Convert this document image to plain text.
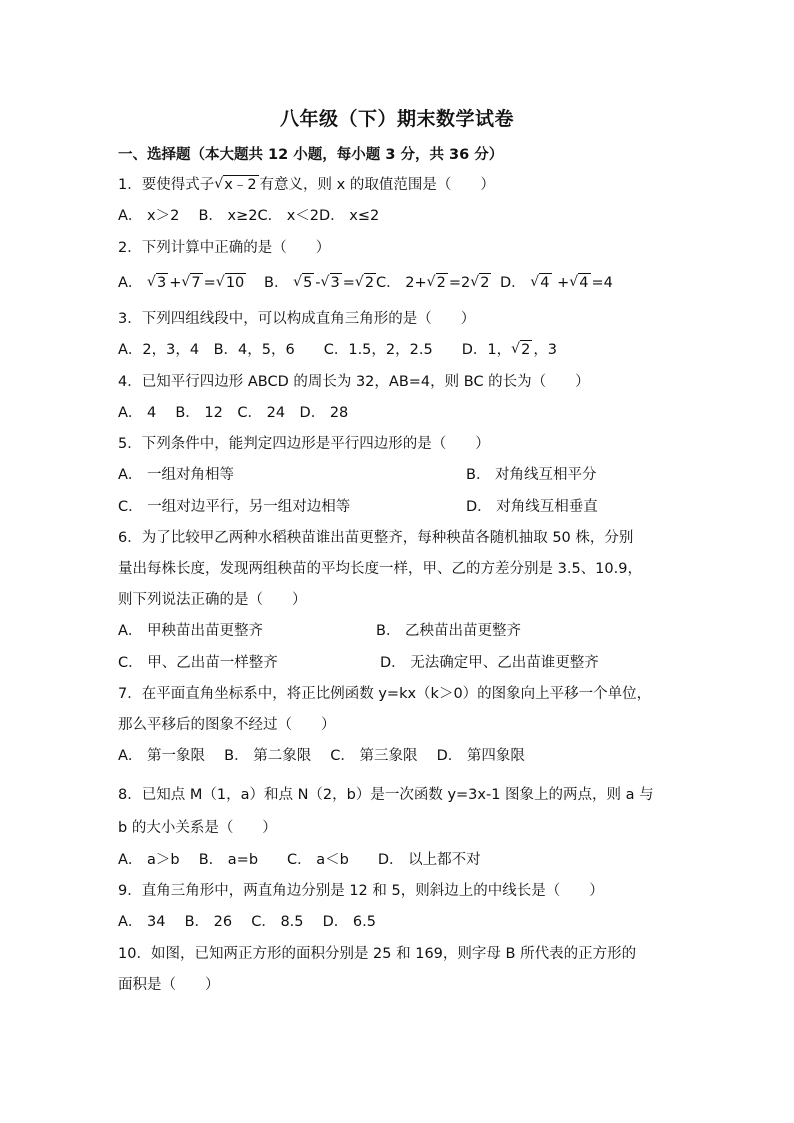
八年级（下）期末数学试卷
一、选择题（本大题共 12 小题，每小题 3 分，共 36 分）
1．要使得式子 √ x﹣2 有意义，则 x 的取值范围是（　　）
A． x＞2　 B． x≥2C． x＜2D． x≤2
2．下列计算中正确的是（　　）
A． √ 3 + √ 7 = √ 10 B． √ 5 - √ 3 = √ 2 C． 2+ √ 2 =2 √ 2 D． √ 4 + √ 4 =4
3．下列四组线段中，可以构成直角三角形的是（　　）
A．2，3，4　B．4，5，6　　C．1.5，2，2.5　　 D．1， √ 2 ，3
4．已知平行四边形 ABCD 的周长为 32，AB=4，则 BC 的长为（　　）
A． 4　 B． 12　C． 24　D． 28
5．下列条件中，能判定四边形是平行四边形的是（　　）
A． 一组对角相等	B． 对角线互相平分
C． 一组对边平行，另一组对边相等	D． 对角线互相垂直
6．为了比较甲乙两种水稻秧苗谁出苗更整齐，每种秧苗各随机抽取 50 株，分别
量出每株长度，发现两组秧苗的平均长度一样，甲、乙的方差分别是 3.5、10.9，
则下列说法正确的是（　　）
A． 甲秧苗出苗更整齐	B． 乙秧苗出苗更整齐
C． 甲、乙出苗一样整齐	D． 无法确定甲、乙出苗谁更整齐
7．在平面直角坐标系中，将正比例函数 y=kx（k＞0）的图象向上平移一个单位，
那么平移后的图象不经过（　　）
A． 第一象限　 B． 第二象限　 C． 第三象限　 D． 第四象限
8．已知点 M（1，a）和点 N（2，b）是一次函数 y=3x-1 图象上的两点，则 a 与
b 的大小关系是（　　）
A． a＞b　 B． a=b　　C． a＜b　　D． 以上都不对
9．直角三角形中，两直角边分别是 12 和 5，则斜边上的中线长是（　　）
A． 34　 B． 26　 C． 8.5　 D． 6.5
10．如图，已知两正方形的面积分别是 25 和 169，则字母 B 所代表的正方形的
面积是（　　）
